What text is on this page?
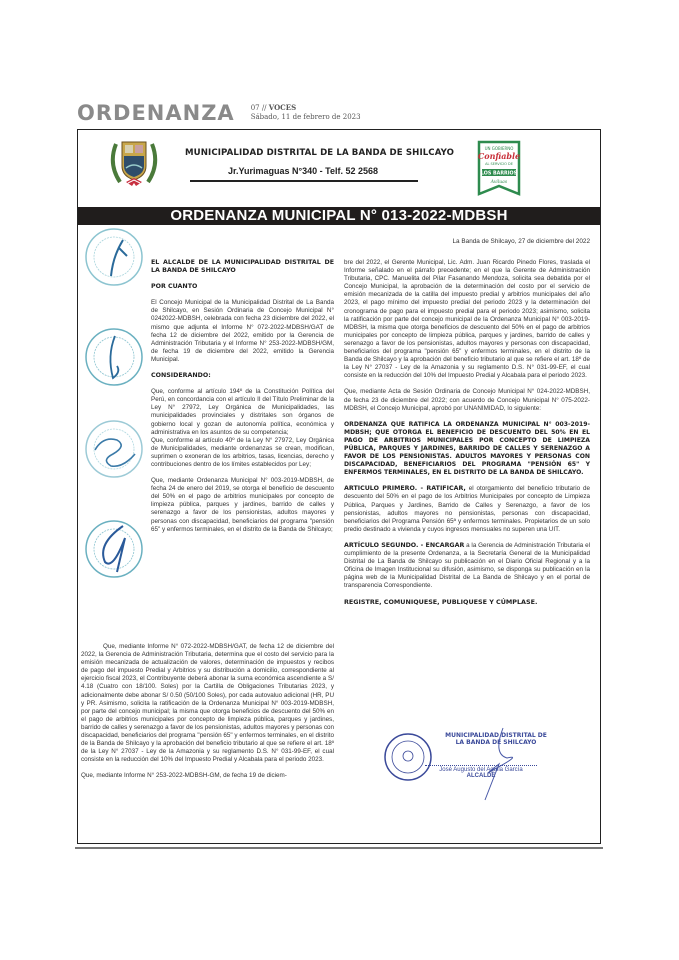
ORDENANZA 07 // VOCES
Sábado, 11 de febrero de 2023
MUNICIPALIDAD DISTRITAL DE LA BANDA DE SHILCAYO
Jr.Yurimaguas N°340 - Telf. 52 2568
UN GOBIERNO
Confiable
AL SERVICIO DE
LOS BARRIOS
Aviluas
ORDENANZA MUNICIPAL N° 013-2022-MDBSH
La Banda de Shilcayo, 27 de diciembre del 2022

EL ALCALDE DE LA MUNICIPALIDAD DISTRITAL DE LA BANDA DE SHILCAYO

POR CUANTO

El Concejo Municipal de la Municipalidad Distrital de La Banda de Shilcayo, en Sesión Ordinaria de Concejo Municipal N° 0242022-MDBSH, celebrada con fecha 23 diciembre del 2022, el mismo que adjunta el Informe N° 072-2022-MDBSH/GAT de fecha 12 de diciembre del 2022, emitido por la Gerencia de Administración Tributaria y el Informe N° 253-2022-MDBSH/GM, de fecha 19 de diciembre del 2022, emitido la Gerencia Municipal.

CONSIDERANDO:

Que, conforme al artículo 194º de la Constitución Política del Perú, en concordancia con el artículo II del Título Preliminar de la Ley N° 27972, Ley Orgánica de Municipalidades, las municipalidades provinciales y distritales son órganos de gobierno local y gozan de autonomía política, económica y administrativa en los asuntos de su competencia;

Que, conforme al artículo 40º de la Ley N° 27972, Ley Orgánica de Municipalidades, mediante ordenanzas se crean, modifican, suprimen o exoneran de los arbitrios, tasas, licencias, derecho y contribuciones dentro de los límites establecidos por Ley;

Que, mediante Ordenanza Municipal N° 003-2019-MDBSH, de fecha 24 de enero del 2019, se otorga el beneficio de descuento del 50% en el pago de arbitrios municipales por concepto de limpieza pública, parques y jardines, barrido de calles y serenazgo a favor de los pensionistas, adultos mayores y personas con discapacidad, beneficiarios del programa "pensión 65" y enfermos terminales, en el distrito de la Banda de Shilcayo;

Que, mediante Informe N° 072-2022-MDBSH/GAT, de fecha 12 de diciembre del 2022, la Gerencia de Administración Tributaria, determina que el costo del servicio para la emisión mecanizada de actualización de valores, determinación de impuestos y recibos de pago del impuesto Predial y Arbitrios y su distribución a domicilio, correspondiente al ejercicio fiscal 2023, el Contribuyente deberá abonar la suma económica ascendiente a S/ 4.18 (Cuatro con 18/100. Soles) por la Cartilla de Obligaciones Tributarias 2023, y adicionalmente debe abonar S/ 0.50 (50/100 Soles), por cada autovaluo adicional (HR, PU y PR. Asimismo, solicita la ratificación de la Ordenanza Municipal N° 003-2019-MDBSH, por parte del concejo municipal; la misma que otorga beneficios de descuento del 50% en el pago de arbitrios municipales por concepto de limpieza pública, parques y jardines, barrido de calles y serenazgo a favor de los pensionistas, adultos mayores y personas con discapacidad, beneficiarios del programa "pensión 65" y enfermos terminales, en el distrito de la Banda de Shilcayo y la aprobación del beneficio tributario al que se refiere el art. 18º de la Ley N° 27037 - Ley de la Amazonia y su reglamento D.S. N° 031-99-EF, el cual consiste en la reducción del 10% del Impuesto Predial y Alcabala para el periodo 2023.

Que, mediante Informe N° 253-2022-MDBSH-GM, de fecha 19 de diciem-

bre del 2022, el Gerente Municipal, Lic. Adm. Juan Ricardo Pinedo Flores, traslada el Informe señalado en el párrafo precedente; en el que la Gerente de Administración Tributaria, CPC. Manuelita del Pilar Fasanando Mendoza, solicita sea debatida por el Concejo Municipal, la aprobación de la determinación del costo por el servicio de emisión mecanizada de la catilla del impuesto predial y arbitrios municipales del año 2023, el pago mínimo del impuesto predial del periodo 2023 y la determinación del cronograma de pago para el impuesto predial para el periodo 2023; asimismo, solicita la ratificación por parte del concejo municipal de la Ordenanza Municipal N° 003-2019-MDBSH, la misma que otorga beneficios de descuento del 50% en el pago de arbitrios municipales por concepto de limpieza pública, parques y jardines, barrido de calles y serenazgo a favor de los pensionistas, adultos mayores y personas con discapacidad, beneficiarios del programa "pensión 65" y enfermos terminales, en el distrito de la Banda de Shilcayo y la aprobación del beneficio tributario al que se refiere el art. 18º de la Ley N° 27037 - Ley de la Amazonia y su reglamento D.S. N° 031-99-EF, el cual consiste en la reducción del 10% del Impuesto Predial y Alcabala para el periodo 2023.

Que, mediante Acta de Sesión Ordinaria de Concejo Municipal N° 024-2022-MDBSH, de fecha 23 de diciembre del 2022; con acuerdo de Concejo Municipal N° 075-2022-MDBSH, el Concejo Municipal, aprobó por UNANIMIDAD, lo siguiente:

ORDENANZA QUE RATIFICA LA ORDENANZA MUNICIPAL N° 003-2019-MDBSH; QUE OTORGA EL BENEFICIO DE DESCUENTO DEL 50% EN EL PAGO DE ARBITRIOS MUNICIPALES POR CONCEPTO DE LIMPIEZA PÚBLICA, PARQUES Y JARDINES, BARRIDO DE CALLES Y SERENAZGO A FAVOR DE LOS PENSIONISTAS. ADULTOS MAYORES Y PERSONAS CON DISCAPACIDAD, BENEFICIARIOS DEL PROGRAMA "PENSIÓN 65" Y ENFERMOS TERMINALES, EN EL DISTRITO DE LA BANDA DE SHILCAYO.

ARTICULO PRIMERO. - RATIFICAR, el otorgamiento del beneficio tributario de descuento del 50% en el pago de los Arbitrios Municipales por concepto de Limpieza Pública, Parques y Jardines, Barrido de Calles y Serenazgo, a favor de los pensionistas, adultos mayores no pensionistas, personas con discapacidad, beneficiarios del Programa Pensión 65ª y enfermos terminales. Propietarios de un solo predio destinado a vivienda y cuyos ingresos mensuales no superen una UIT.

ARTÍCULO SEGUNDO. - ENCARGAR a la Gerencia de Administración Tributaria el cumplimiento de la presente Ordenanza, a la Secretaría General de la Municipalidad Distrital de La Banda de Shilcayo su publicación en el Diario Oficial Regional y a la Oficina de Imagen Institucional su difusión, asimismo, se disponga su publicación en la página web de la Municipalidad Distrital de La Banda de Shilcayo y en el portal de transparencia Correspondiente.

REGISTRE, COMUNIQUESE, PUBLIQUESE Y CÚMPLASE.

MUNICIPALIDAD DISTRITAL DE LA BANDA DE SHILCAYO
José Augusto del Aguila García
ALCALDE
